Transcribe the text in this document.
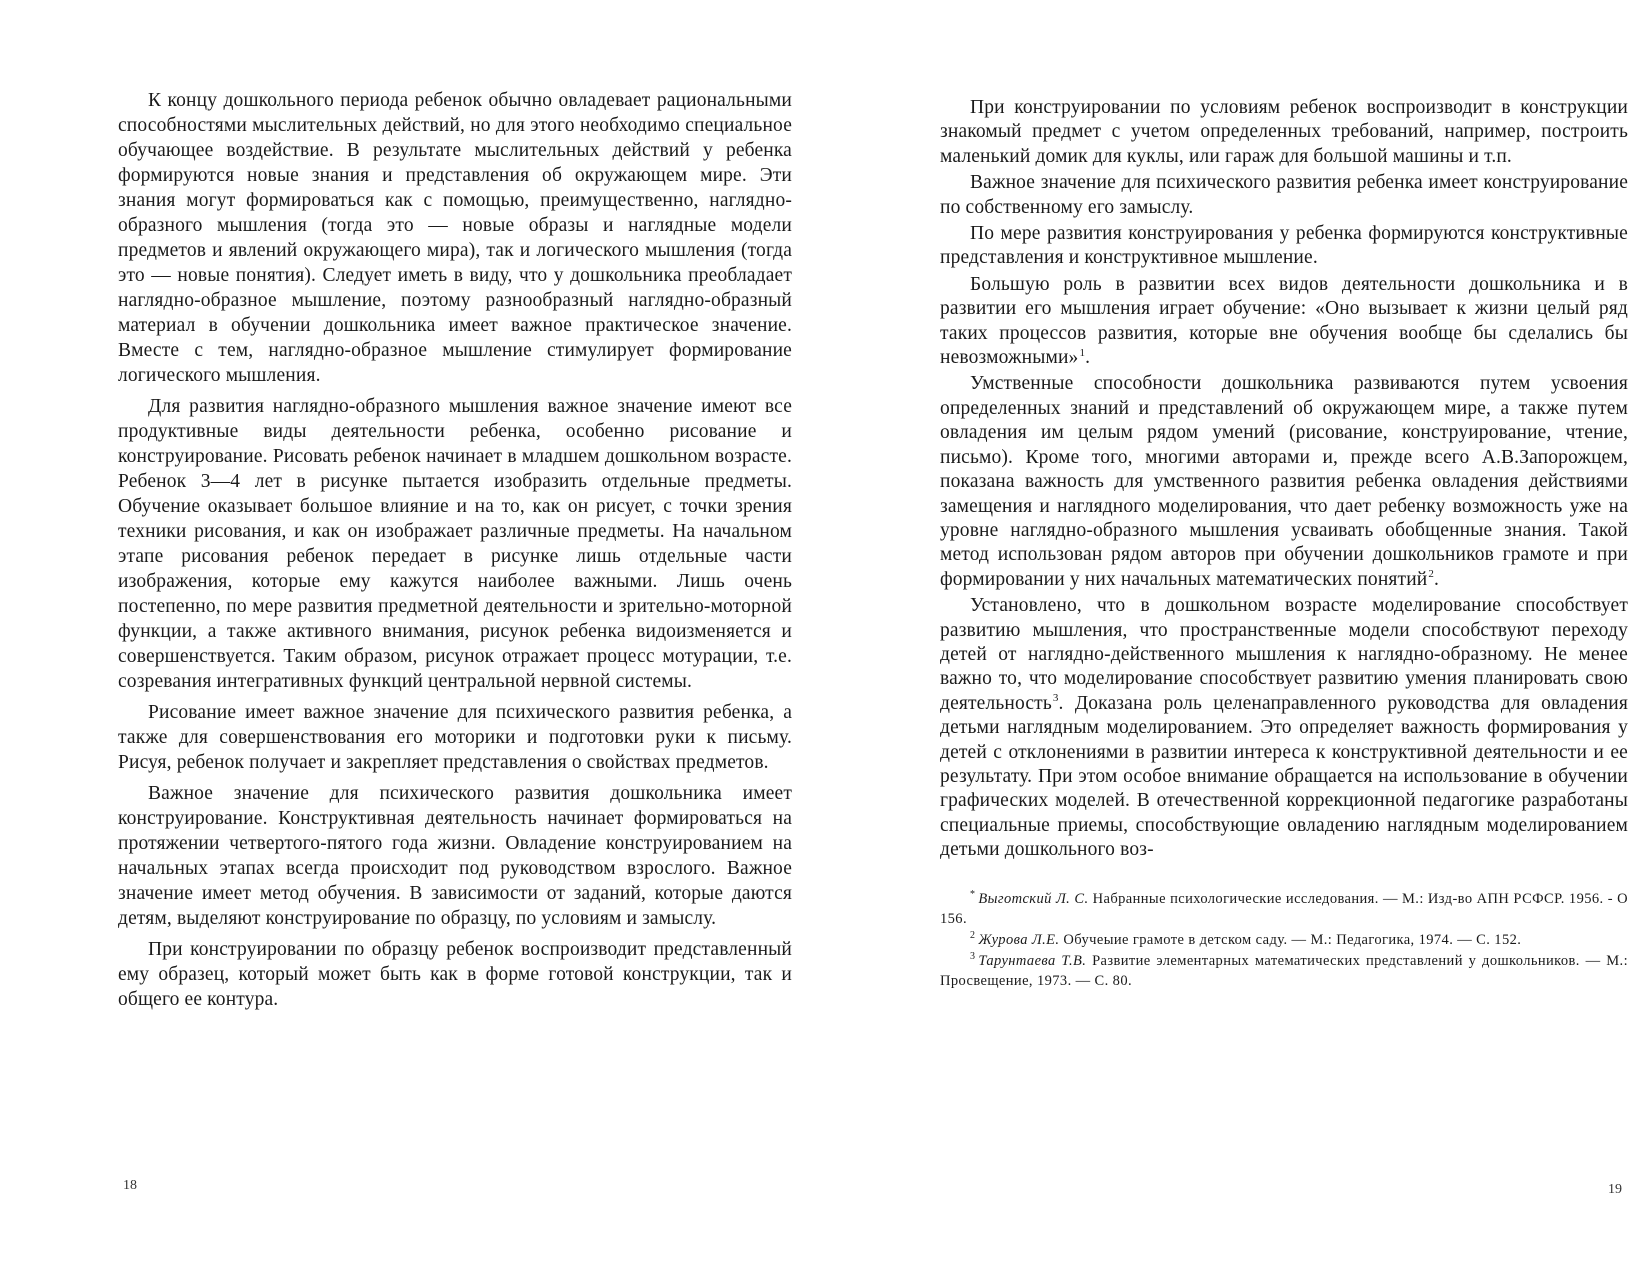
К концу дошкольного периода ребенок обычно овладевает рациональными способностями мыслительных действий, но для этого необходимо специальное обучающее воздействие. В результате мыслительных действий у ребенка формируются новые знания и представления об окружающем мире. Эти знания могут формироваться как с помощью, преимущественно, наглядно-образного мышления (тогда это — новые образы и наглядные модели предметов и явлений окружающего мира), так и логического мышления (тогда это — новые понятия). Следует иметь в виду, что у дошкольника преобладает наглядно-образное мышление, поэтому разнообразный наглядно-образный материал в обучении дошкольника имеет важное практическое значение. Вместе с тем, наглядно-образное мышление стимулирует формирование логического мышления.

Для развития наглядно-образного мышления важное значение имеют все продуктивные виды деятельности ребенка, особенно рисование и конструирование. Рисовать ребенок начинает в младшем дошкольном возрасте. Ребенок 3—4 лет в рисунке пытается изобразить отдельные предметы. Обучение оказывает большое влияние и на то, как он рисует, с точки зрения техники рисования, и как он изображает различные предметы. На начальном этапе рисования ребенок передает в рисунке лишь отдельные части изображения, которые ему кажутся наиболее важными. Лишь очень постепенно, по мере развития предметной деятельности и зрительно-моторной функции, а также активного внимания, рисунок ребенка видоизменяется и совершенствуется. Таким образом, рисунок отражает процесс мотурации, т.е. созревания интегративных функций центральной нервной системы.

Рисование имеет важное значение для психического развития ребенка, а также для совершенствования его моторики и подготовки руки к письму. Рисуя, ребенок получает и закрепляет представления о свойствах предметов.

Важное значение для психического развития дошкольника имеет конструирование. Конструктивная деятельность начинает формироваться на протяжении четвертого-пятого года жизни. Овладение конструированием на начальных этапах всегда происходит под руководством взрослого. Важное значение имеет метод обучения. В зависимости от заданий, которые даются детям, выделяют конструирование по образцу, по условиям и замыслу.

При конструировании по образцу ребенок воспроизводит представленный ему образец, который может быть как в форме готовой конструкции, так и общего ее контура.

18

При конструировании по условиям ребенок воспроизводит в конструкции знакомый предмет с учетом определенных требований, например, построить маленький домик для куклы, или гараж для большой машины и т.п.

Важное значение для психического развития ребенка имеет конструирование по собственному его замыслу.

По мере развития конструирования у ребенка формируются конструктивные представления и конструктивное мышление.

Большую роль в развитии всех видов деятельности дошкольника и в развитии его мышления играет обучение: «Оно вызывает к жизни целый ряд таких процессов развития, которые вне обучения вообще бы сделались бы невозможными»$^1$.

Умственные способности дошкольника развиваются путем усвоения определенных знаний и представлений об окружающем мире, а также путем овладения им целым рядом умений (рисование, конструирование, чтение, письмо). Кроме того, многими авторами и, прежде всего А.В.Запорожцем, показана важность для умственного развития ребенка овладения действиями замещения и наглядного моделирования, что дает ребенку возможность уже на уровне наглядно-образного мышления усваивать обобщенные знания. Такой метод использован рядом авторов при обучении дошкольников грамоте и при формировании у них начальных математических понятий$^2$.

Установлено, что в дошкольном возрасте моделирование способствует развитию мышления, что пространственные модели способствуют переходу детей от наглядно-действенного мышления к наглядно-образному. Не менее важно то, что моделирование способствует развитию умения планировать свою деятельность$^3$. Доказана роль целенаправленного руководства для овладения детьми наглядным моделированием. Это определяет важность формирования у детей с отклонениями в развитии интереса к конструктивной деятельности и ее результату. При этом особое внимание обращается на использование в обучении графических моделей. В отечественной коррекционной педагогике разработаны специальные приемы, способствующие овладению наглядным моделированием детьми дошкольного воз-

* Выготский Л. С. Набранные психологические исследования. — М.: Изд-во АПН РСФСР. 1956. - О 156.

$^2$ Журова Л.Е. Обучеыие грамоте в детском саду. — М.: Педагогика, 1974. — С. 152.

$^3$ Тарунтаева Т.В. Развитие элементарных математических представлений у дошкольников. — М.: Просвещение, 1973. — С. 80.

19
